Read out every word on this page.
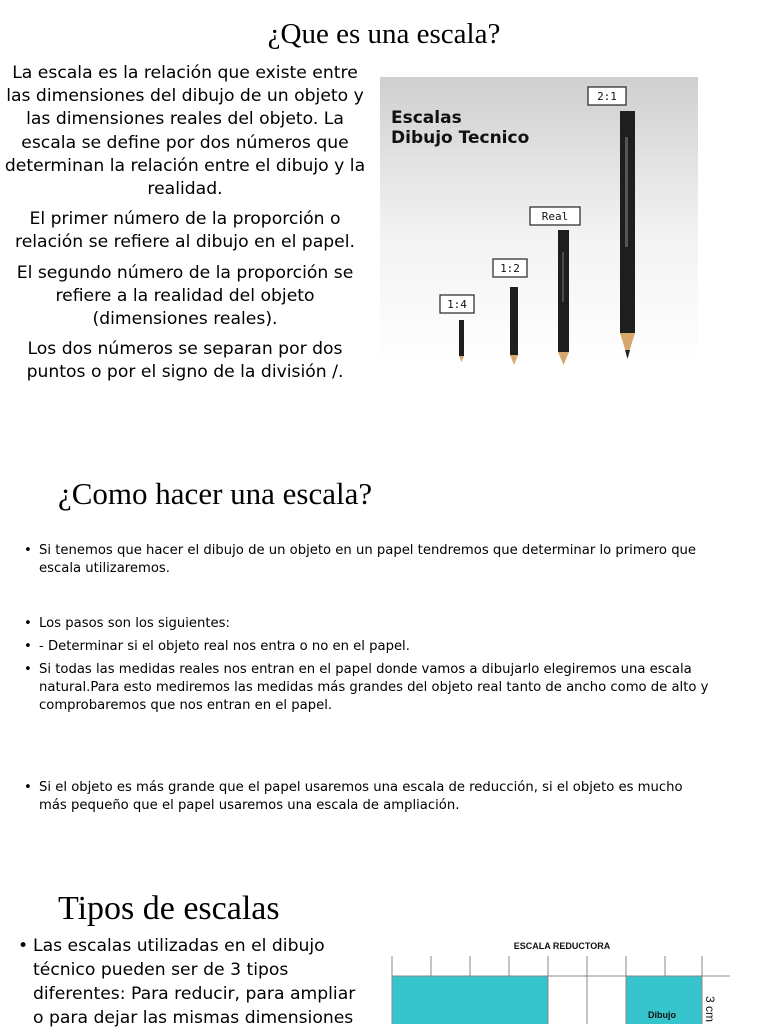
¿Que es una escala?

La escala es la relación que existe entre las dimensiones del dibujo de un objeto y las dimensiones reales del objeto. La escala se define por dos números que determinan la relación entre el dibujo y la realidad.

El primer número de la proporción o relación se refiere al dibujo en el papel.

El segundo número de la proporción se refiere a la realidad del objeto (dimensiones reales).

Los dos números se separan por dos puntos o por el signo de la división /.

Escalas
Dibujo Tecnico
1:4
1:2
Real
2:1
¿Como hacer una escala?
• Si tenemos que hacer el dibujo de un objeto en un papel tendremos que determinar lo primero que escala utilizaremos.
• Los pasos son los siguientes:
• - Determinar si el objeto real nos entra o no en el papel.
• Si todas las medidas reales nos entran en el papel donde vamos a dibujarlo elegiremos una escala natural.Para esto mediremos las medidas más grandes del objeto real tanto de ancho como de alto y comprobaremos que nos entran en el papel.
• Si el objeto es más grande que el papel usaremos una escala de reducción, si el objeto es mucho más pequeño que el papel usaremos una escala de ampliación.
Tipos de escalas
• Las escalas utilizadas en el dibujo técnico pueden ser de 3 tipos diferentes: Para reducir, para ampliar o para dejar las mismas dimensiones
ESCALA REDUCTORA
Dibujo 3 cm
